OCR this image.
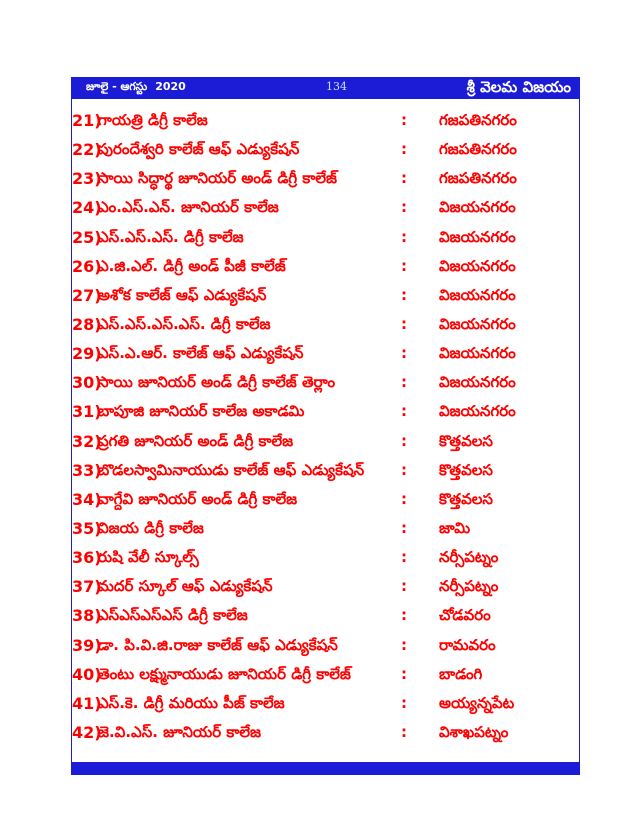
జూలై - ఆగస్టు 2020	134	శ్రీ వెలమ విజయం
21)
గాయత్రి డిగ్రీ కాలేజ	: గజపతినగరం
22)
పురందేశ్వరి కాలేజ్ ఆఫ్ ఎడ్యుకేషన్	: గజపతినగరం
23)
సాయి సిద్ధార్థ జూనియర్ అండ్ డిగ్రీ కాలేజ్	: గజపతినగరం
24)
ఎం.ఎస్.ఎన్. జూనియర్ కాలేజ	: విజయనగరం
25)
ఎస్.ఎస్.ఎస్. డిగ్రీ కాలేజ	: విజయనగరం
26)
ఎ.జి.ఎల్. డిగ్రీ అండ్ పీజీ కాలేజ్	: విజయనగరం
27)
అశోక కాలేజ్ ఆఫ్ ఎడ్యుకేషన్	: విజయనగరం
28)
ఎస్.ఎస్.ఎస్.ఎస్. డిగ్రీ కాలేజ	: విజయనగరం
29)
ఎస్.ఎ.ఆర్. కాలేజ్ ఆఫ్ ఎడ్యుకేషన్	: విజయనగరం
30)
సాయి జూనియర్ అండ్ డిగ్రీ కాలేజ్ తెర్లాం	: విజయనగరం
31)
బాపూజి జూనియర్ కాలేజ అకాడమి	: విజయనగరం
32)
ప్రగతి జూనియర్ అండ్ డిగ్రీ కాలేజ	: కొత్తవలస
33)
బొడలస్వామినాయుడు కాలేజ్ ఆఫ్ ఎడ్యుకేషన్ : కొత్తవలస
34)
వాగ్దేవి జూనియర్ అండ్ డిగ్రీ కాలేజ	: కొత్తవలస
35)
విజయ డిగ్రీ కాలేజ	: జామి
36)
రుషి వేలీ స్కూల్స్	: నర్సీపట్నం
37)
మదర్ స్కూల్ ఆఫ్ ఎడ్యుకేషన్	: నర్సీపట్నం
38)
ఎస్ఎస్ఎస్ఎస్ డిగ్రీ కాలేజ	: చోడవరం
39)
డా. పి.వి.జి.రాజు కాలేజ్ ఆఫ్ ఎడ్యుకేషన్	: రామవరం
40)
తెంటు లక్ష్మునాయుడు జూనియర్ డిగ్రీ కాలేజ్	: బాడంగి
41)
ఎస్.కె. డిగ్రీ మరియు పీజ్ కాలేజ	: అయ్యన్నపేట
42)
జె.వి.ఎస్. జూనియర్ కాలేజ	: విశాఖపట్నం
